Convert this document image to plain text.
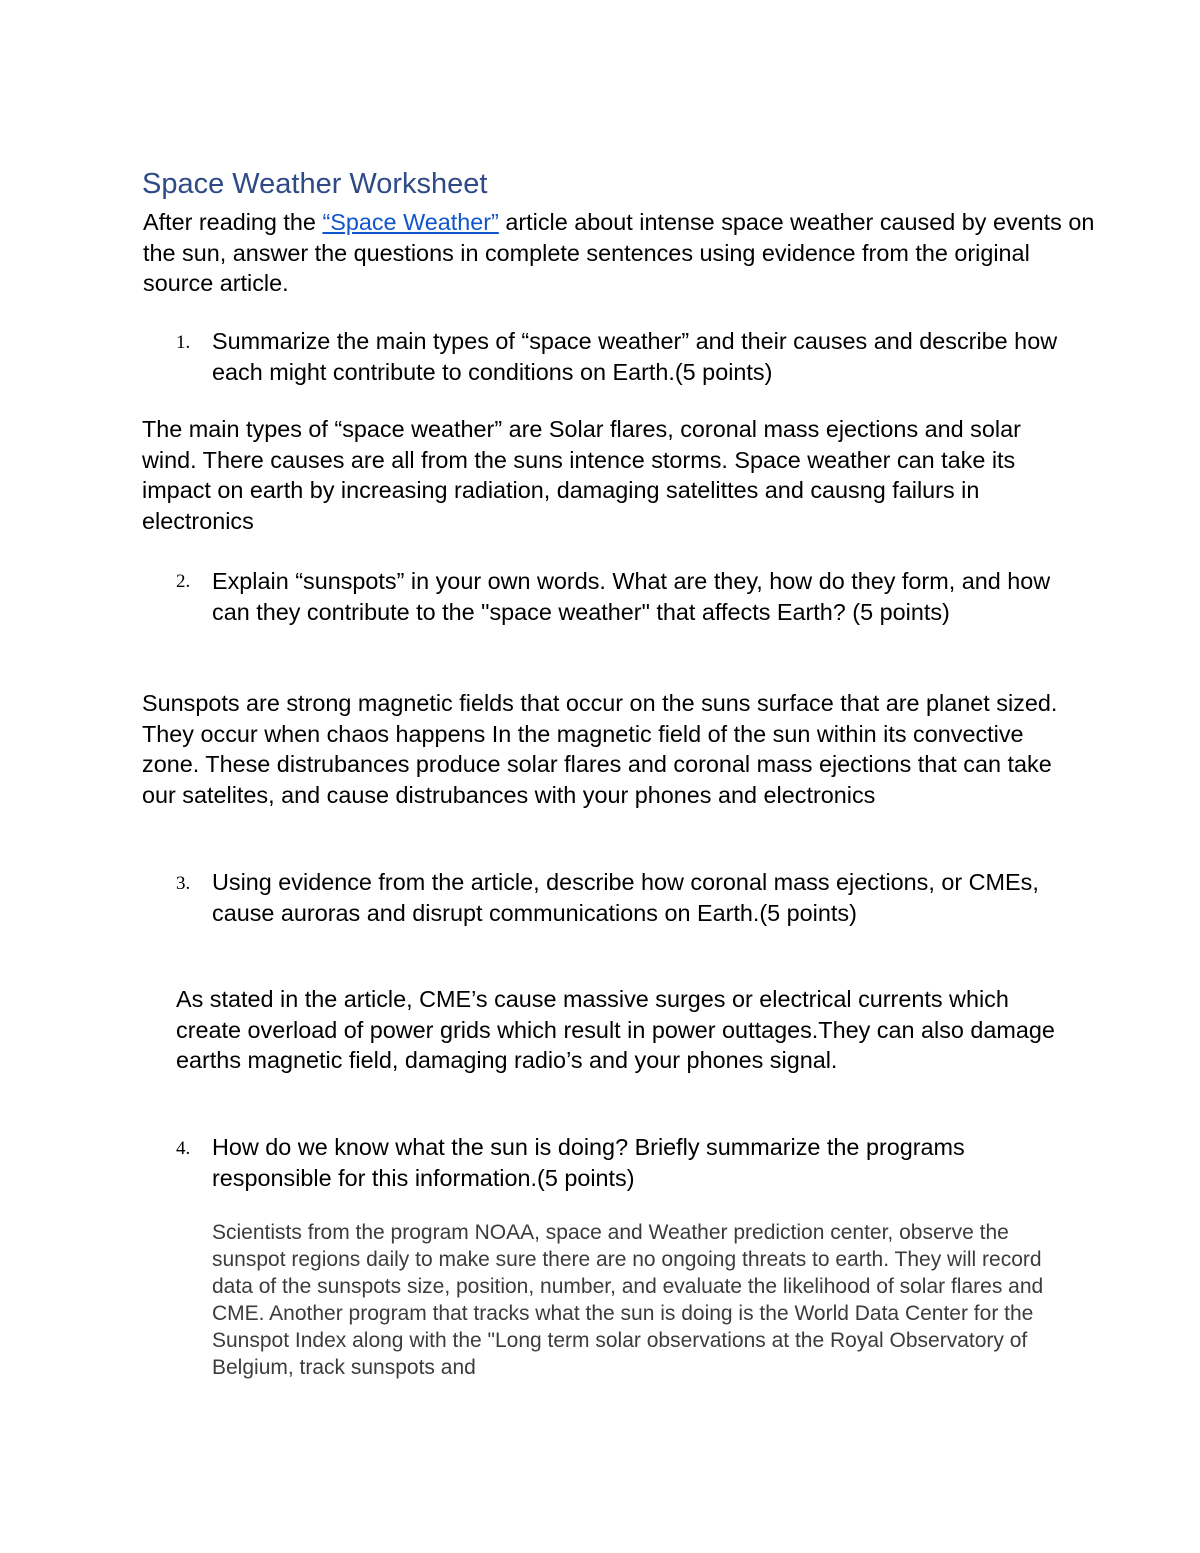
Space Weather Worksheet

After reading the “Space Weather” article about intense space weather caused by events on the sun, answer the questions in complete sentences using evidence from the original source article.

1. Summarize the main types of “space weather” and their causes and describe how each might contribute to conditions on Earth.(5 points)
The main types of “space weather” are Solar flares, coronal mass ejections and solar wind. There causes are all from the suns intence storms. Space weather can take its impact on earth by increasing radiation, damaging satelittes and causng failurs in electronics
2. Explain “sunspots” in your own words. What are they, how do they form, and how can they contribute to the "space weather" that affects Earth? (5 points)
Sunspots are strong magnetic fields that occur on the suns surface that are planet sized. They occur when chaos happens In the magnetic field of the sun within its convective zone. These distrubances produce solar flares and coronal mass ejections that can take our satelites, and cause distrubances with your phones and electronics
3. Using evidence from the article, describe how coronal mass ejections, or CMEs, cause auroras and disrupt communications on Earth.(5 points)
As stated in the article, CME’s cause massive surges or electrical currents which create overload of power grids which result in power outtages.They can also damage earths magnetic field, damaging radio’s and your phones signal.
4. How do we know what the sun is doing? Briefly summarize the programs responsible for this information.(5 points)
Scientists from the program NOAA, space and Weather prediction center, observe the sunspot regions daily to make sure there are no ongoing threats to earth. They will record data of the sunspots size, position, number, and evaluate the likelihood of solar flares and CME. Another program that tracks what the sun is doing is the World Data Center for the Sunspot Index along with the "Long term solar observations at the Royal Observatory of Belgium, track sunspots and
